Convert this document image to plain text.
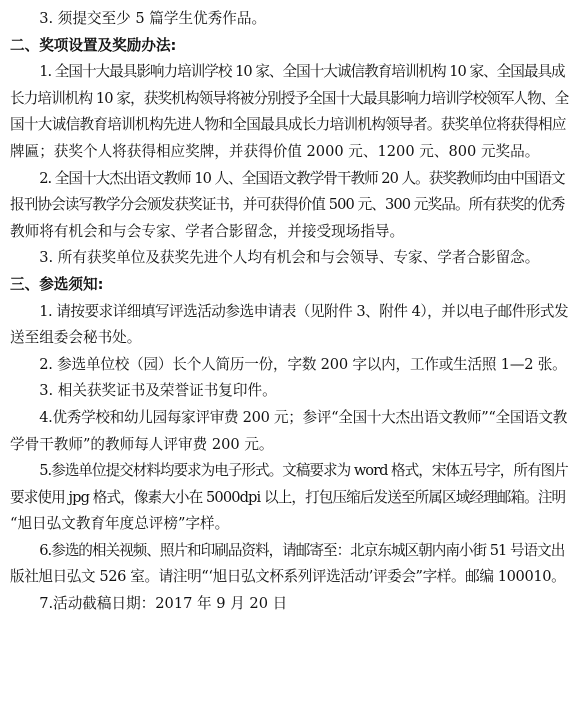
3. 须提交至少 5 篇学生优秀作品。

二、奖项设置及奖励办法:

1. 全国十大最具影响力培训学校 10 家、全国十大诚信教育培训机构 10 家、全国最具成

长力培训机构 10 家，获奖机构领导将被分别授予全国十大最具影响力培训学校领军人物、全

国十大诚信教育培训机构先进人物和全国最具成长力培训机构领导者。获奖单位将获得相应

牌匾；获奖个人将获得相应奖牌，并获得价值 2000 元、1200 元、800 元奖品。

2. 全国十大杰出语文教师 10 人、全国语文教学骨干教师 20 人。获奖教师均由中国语文

报刊协会读写教学分会颁发获奖证书，并可获得价值 500 元、300 元奖品。所有获奖的优秀

教师将有机会和与会专家、学者合影留念，并接受现场指导。

3. 所有获奖单位及获奖先进个人均有机会和与会领导、专家、学者合影留念。

三、参选须知:

1. 请按要求详细填写评选活动参选申请表（见附件 3、附件 4），并以电子邮件形式发

送至组委会秘书处。

2. 参选单位校（园）长个人简历一份，字数 200 字以内，工作或生活照 1—2 张。

3. 相关获奖证书及荣誉证书复印件。

4.优秀学校和幼儿园每家评审费 200 元；参评“全国十大杰出语文教师”“全国语文教

学骨干教师”的教师每人评审费 200 元。

5.参选单位提交材料均要求为电子形式。文稿要求为 word 格式，宋体五号字，所有图片

要求使用 jpg 格式，像素大小在 5000dpi 以上，打包压缩后发送至所属区域经理邮箱。注明

“旭日弘文教育年度总评榜”字样。

6.参选的相关视频、照片和印刷品资料，请邮寄至：北京东城区朝内南小街 51 号语文出

版社旭日弘文 526 室。请注明“‘旭日弘文杯系列评选活动’评委会”字样。邮编 100010。

7.活动截稿日期：2017 年 9 月 20 日
